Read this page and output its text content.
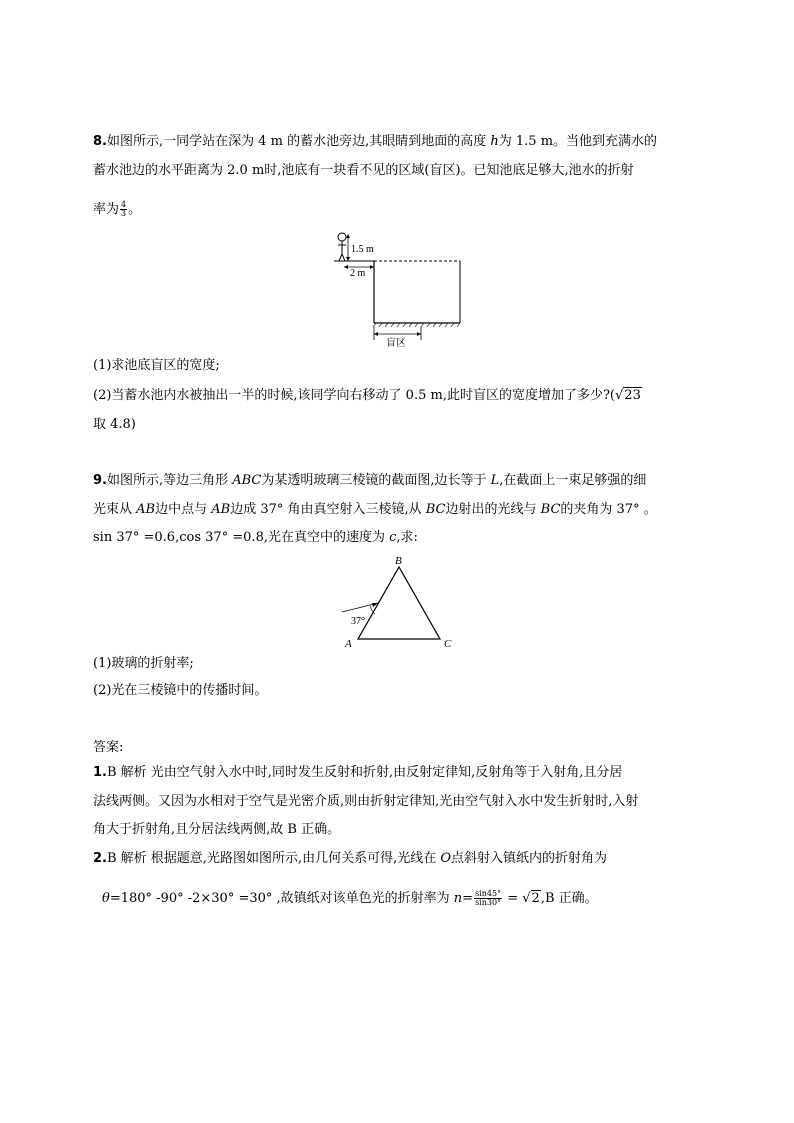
8.如图所示,一同学站在深为 4 m 的蓄水池旁边,其眼睛到地面的高度 h为 1.5 m。当他到充满水的
蓄水池边的水平距离为 2.0 m时,池底有一块看不见的区域(盲区)。已知池底足够大,池水的折射
率为 $\frac{4}{3}$ 。
1.5 m
2 m
盲区
(1)求池底盲区的宽度;
(2)当蓄水池内水被抽出一半的时候,该同学向右移动了 0.5 m,此时盲区的宽度增加了多少?(√23
取 4.8)
9.如图所示,等边三角形 ABC为某透明玻璃三棱镜的截面图,边长等于 L,在截面上一束足够强的细
光束从 AB边中点与 AB边成 37° 角由真空射入三棱镜,从 BC边射出的光线与 BC的夹角为 37° 。
sin 37° =0.6,cos 37° =0.8,光在真空中的速度为 c,求:
37°
B
A	C
(1)玻璃的折射率;
(2)光在三棱镜中的传播时间。
答案:
1.B 解析 光由空气射入水中时,同时发生反射和折射,由反射定律知,反射角等于入射角,且分居
法线两侧。又因为水相对于空气是光密介质,则由折射定律知,光由空气射入水中发生折射时,入射
角大于折射角,且分居法线两侧,故 B 正确。
2.B 解析 根据题意,光路图如图所示,由几何关系可得,光线在 O点斜射入镇纸内的折射角为
θ=180° -90° -2×30° =30° ,故镇纸对该单色光的折射率为 $n= \frac{\sin 45^\circ}{\sin 30^\circ} = √2,B$ 正确。
